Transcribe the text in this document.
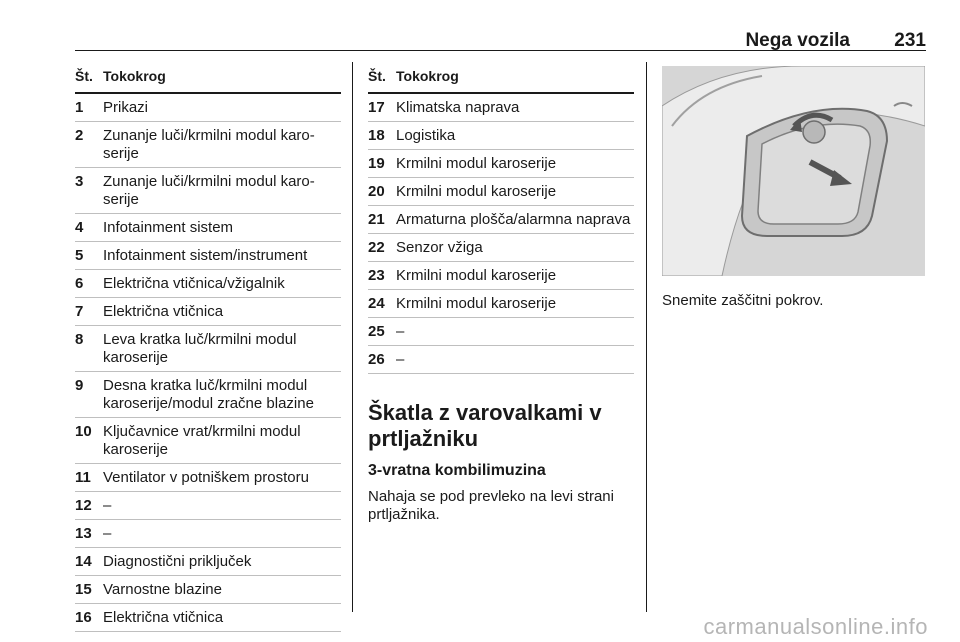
Nega vozila 231
Št. Tokokrog
1	Prikazi
2	Zunanje luči/krmilni modul karo- serije
3	Zunanje luči/krmilni modul karo- serije
4	Infotainment sistem
5	Infotainment sistem/instrument
6	Električna vtičnica/vžigalnik
7	Električna vtičnica
8	Leva kratka luč/krmilni modul karoserije
9	Desna kratka luč/krmilni modul karoserije/modul zračne blazine
10 Ključavnice vrat/krmilni modul karoserije
11 Ventilator v potniškem prostoru
12 –
13 –
14 Diagnostični priključek
15 Varnostne blazine
16 Električna vtičnica
Št. Tokokrog
17 Klimatska naprava
18 Logistika
19 Krmilni modul karoserije
20 Krmilni modul karoserije
21 Armaturna plošča/alarmna naprava
22 Senzor vžiga
23 Krmilni modul karoserije
24 Krmilni modul karoserije
25 –
26 –
Škatla z varovalkami v prtljažniku
3-vratna kombilimuzina
Nahaja se pod prevleko na levi strani prtljažnika.
Snemite zaščitni pokrov.
carmanualsonline.info
